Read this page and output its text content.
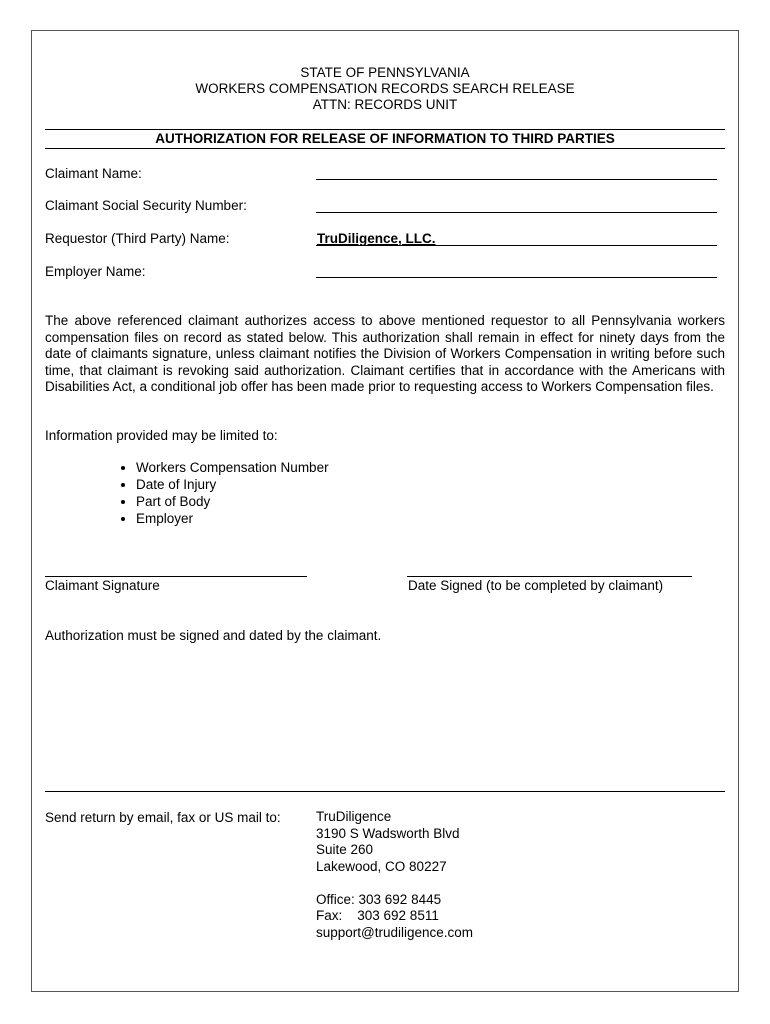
STATE OF PENNSYLVANIA
WORKERS COMPENSATION RECORDS SEARCH RELEASE
ATTN: RECORDS UNIT
AUTHORIZATION FOR RELEASE OF INFORMATION TO THIRD PARTIES
Claimant Name:
Claimant Social Security Number:
Requestor (Third Party) Name:	TruDiligence, LLC.
Employer Name:
The above referenced claimant authorizes access to above mentioned requestor to all Pennsylvania workers compensation files on record as stated below. This authorization shall remain in effect for ninety days from the date of claimants signature, unless claimant notifies the Division of Workers Compensation in writing before such time, that claimant is revoking said authorization. Claimant certifies that in accordance with the Americans with Disabilities Act, a conditional job offer has been made prior to requesting access to Workers Compensation files.
Information provided may be limited to:
• Workers Compensation Number
• Date of Injury
• Part of Body
• Employer
Claimant Signature	Date Signed (to be completed by claimant)
Authorization must be signed and dated by the claimant.
Send return by email, fax or US mail to:	TruDiligence
3190 S Wadsworth Blvd
Suite 260
Lakewood, CO 80227
Office: 303 692 8445
Fax:    303 692 8511
support@trudiligence.com
